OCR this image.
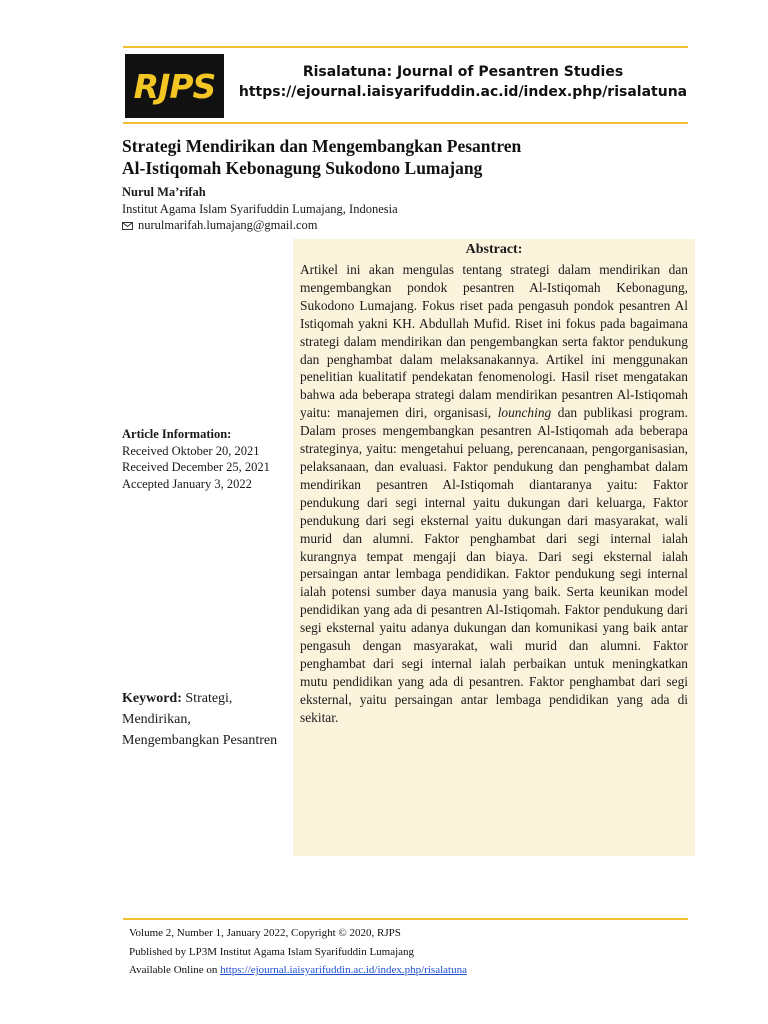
RJPS	Risalatuna: Journal of Pesantren Studies
https://ejournal.iaisyarifuddin.ac.id/index.php/risalatuna
Strategi Mendirikan dan Mengembangkan Pesantren
Al-Istiqomah Kebonagung Sukodono Lumajang
Nurul Ma’rifah
Institut Agama Islam Syarifuddin Lumajang, Indonesia
nurulmarifah.lumajang@gmail.com
Abstract:

Artikel ini akan mengulas tentang strategi dalam mendirikan dan mengembangkan pondok pesantren Al-Istiqomah Kebonagung, Sukodono Lumajang. Fokus riset pada pengasuh pondok pesantren Al Istiqomah yakni KH. Abdullah Mufid. Riset ini fokus pada bagaimana strategi dalam mendirikan dan pengembangkan serta faktor pendukung dan penghambat dalam melaksanakannya. Artikel ini menggunakan penelitian kualitatif pendekatan fenomenologi. Hasil riset mengatakan bahwa ada beberapa strategi dalam mendirikan pesantren Al-Istiqomah yaitu: manajemen diri, organisasi, lounching dan publikasi program. Dalam proses mengembangkan pesantren Al-Istiqomah ada beberapa strateginya, yaitu: mengetahui peluang, perencanaan, pengorganisasian, pelaksanaan, dan evaluasi. Faktor pendukung dan penghambat dalam mendirikan pesantren Al-Istiqomah diantaranya yaitu: Faktor pendukung dari segi internal yaitu dukungan dari keluarga, Faktor pendukung dari segi eksternal yaitu dukungan dari masyarakat, wali murid dan alumni. Faktor penghambat dari segi internal ialah kurangnya tempat mengaji dan biaya. Dari segi eksternal ialah persaingan antar lembaga pendidikan. Faktor pendukung segi internal ialah potensi sumber daya manusia yang baik. Serta keunikan model pendidikan yang ada di pesantren Al-Istiqomah. Faktor pendukung dari segi eksternal yaitu adanya dukungan dan komunikasi yang baik antar pengasuh dengan masyarakat, wali murid dan alumni. Faktor penghambat dari segi internal ialah perbaikan untuk meningkatkan mutu pendidikan yang ada di pesantren. Faktor penghambat dari segi eksternal, yaitu persaingan antar lembaga pendidikan yang ada di sekitar.

Article Information:
Received Oktober 20, 2021
Received December 25, 2021
Accepted January 3, 2022
Keyword: Strategi, Mendirikan, Mengembangkan Pesantren
Volume 2, Number 1, January 2022, Copyright © 2020, RJPS
Published by LP3M Institut Agama Islam Syarifuddin Lumajang
Available Online on https://ejournal.iaisyarifuddin.ac.id/index.php/risalatuna
